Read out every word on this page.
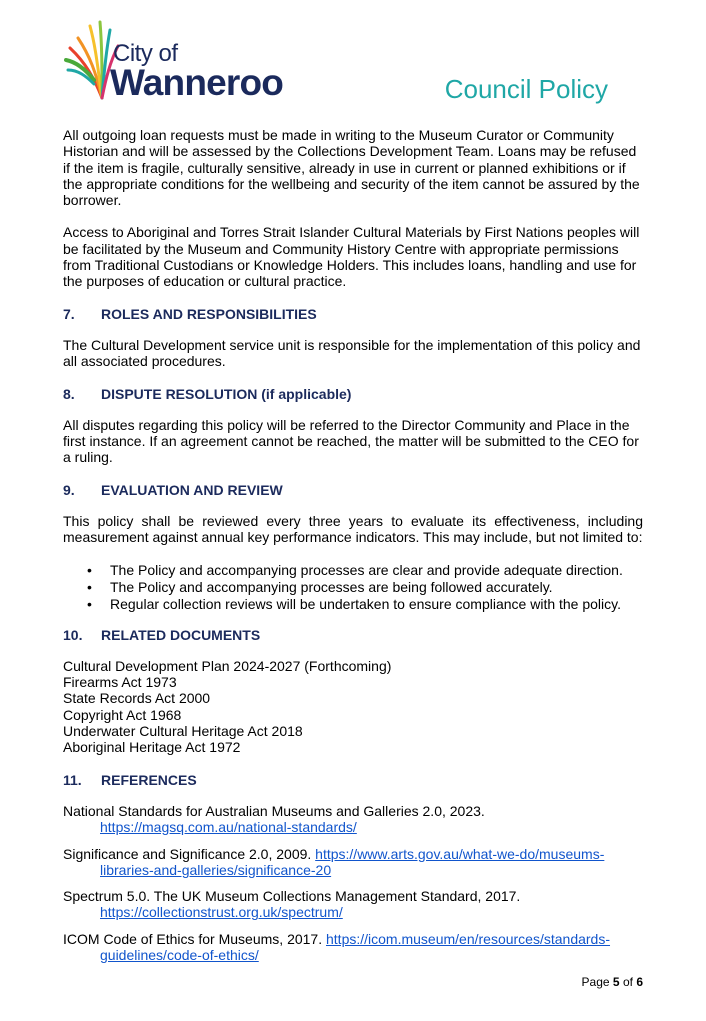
City of
Wanneroo	Council Policy

All outgoing loan requests must be made in writing to the Museum Curator or Community Historian and will be assessed by the Collections Development Team. Loans may be refused if the item is fragile, culturally sensitive, already in use in current or planned exhibitions or if the appropriate conditions for the wellbeing and security of the item cannot be assured by the borrower.

Access to Aboriginal and Torres Strait Islander Cultural Materials by First Nations peoples will be facilitated by the Museum and Community History Centre with appropriate permissions from Traditional Custodians or Knowledge Holders. This includes loans, handling and use for the purposes of education or cultural practice.

7. ROLES AND RESPONSIBILITIES

The Cultural Development service unit is responsible for the implementation of this policy and all associated procedures.

8. DISPUTE RESOLUTION (if applicable)

All disputes regarding this policy will be referred to the Director Community and Place in the first instance. If an agreement cannot be reached, the matter will be submitted to the CEO for a ruling.

9. EVALUATION AND REVIEW

This policy shall be reviewed every three years to evaluate its effectiveness, including measurement against annual key performance indicators. This may include, but not limited to:

• The Policy and accompanying processes are clear and provide adequate direction.
• The Policy and accompanying processes are being followed accurately.
• Regular collection reviews will be undertaken to ensure compliance with the policy.
10. RELATED DOCUMENTS
Cultural Development Plan 2024-2027 (Forthcoming)
Firearms Act 1973
State Records Act 2000
Copyright Act 1968
Underwater Cultural Heritage Act 2018
Aboriginal Heritage Act 1972
11. REFERENCES
National Standards for Australian Museums and Galleries 2.0, 2023.
https://magsq.com.au/national-standards/
Significance and Significance 2.0, 2009. https://www.arts.gov.au/what-we-do/museums-libraries-and-galleries/significance-20
Spectrum 5.0. The UK Museum Collections Management Standard, 2017.
https://collectionstrust.org.uk/spectrum/
ICOM Code of Ethics for Museums, 2017. https://icom.museum/en/resources/standards-guidelines/code-of-ethics/
Page 5 of 6
